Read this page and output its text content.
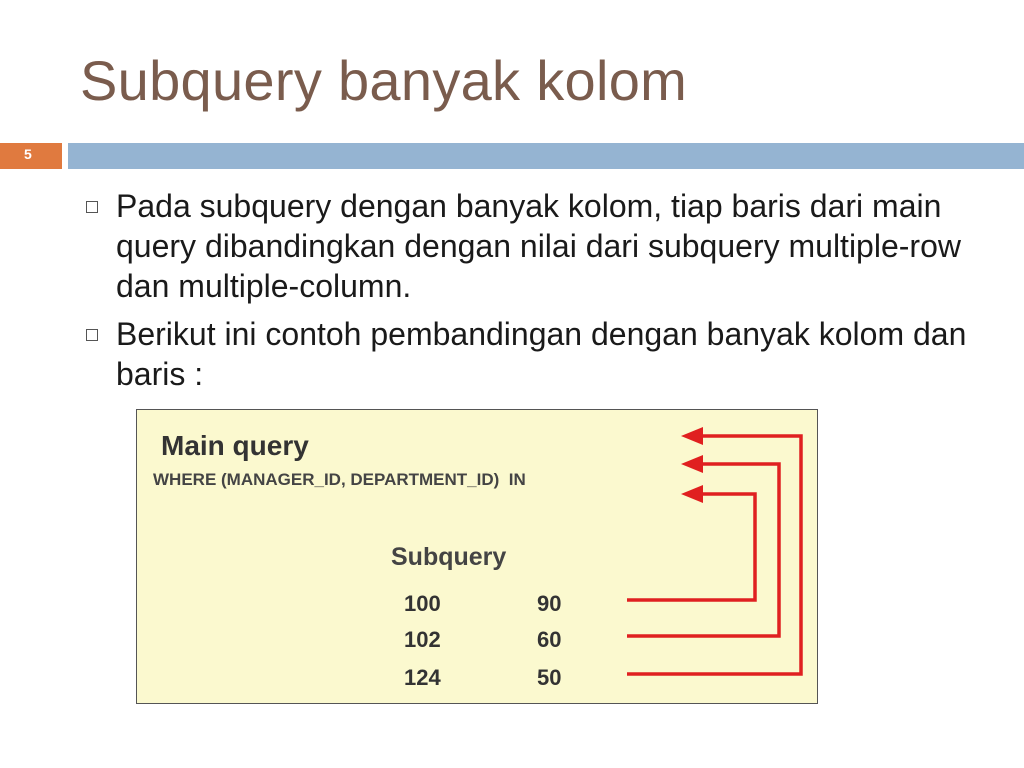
Subquery banyak kolom
5
Pada subquery dengan banyak kolom, tiap baris dari main query dibandingkan dengan nilai dari subquery multiple-row dan multiple-column.
Berikut ini contoh pembandingan dengan banyak kolom dan baris :
Main query
WHERE (MANAGER_ID, DEPARTMENT_ID)  IN
Subquery
100	90
102	60
124	50
